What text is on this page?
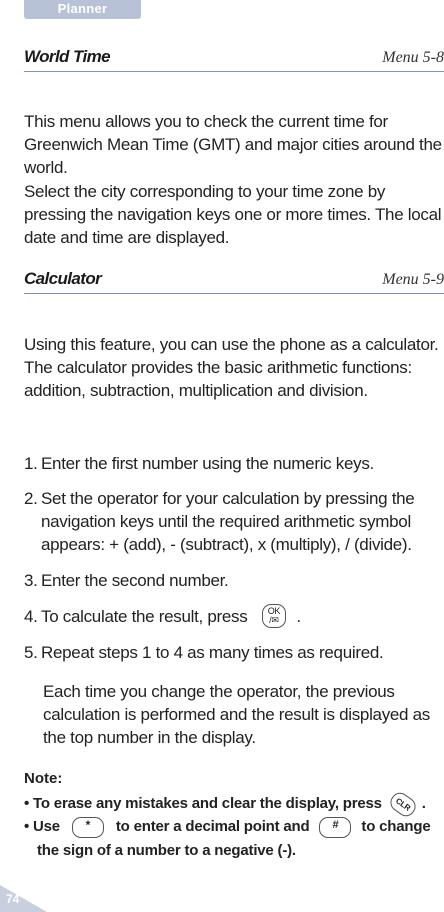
Planner
World Time	Menu 5-8
This menu allows you to check the current time for Greenwich Mean Time (GMT) and major cities around the world.
Select the city corresponding to your time zone by pressing the navigation keys one or more times. The local date and time are displayed.
Calculator	Menu 5-9
Using this feature, you can use the phone as a calculator. The calculator provides the basic arithmetic functions: addition, subtraction, multiplication and division.
1. Enter the first number using the numeric keys.
2. Set the operator for your calculation by pressing the navigation keys until the required arithmetic symbol appears: + (add), - (subtract), x (multiply), / (divide).
3. Enter the second number.
4. To calculate the result, press	OK
/✉	.
5. Repeat steps 1 to 4 as many times as required.
Each time you change the operator, the previous calculation is performed and the result is displayed as the top number in the display.
Note:
• To erase any mistakes and clear the display, press	CLR .
• Use	*	to enter a decimal point and	#	to change
the sign of a number to a negative (-).
74
